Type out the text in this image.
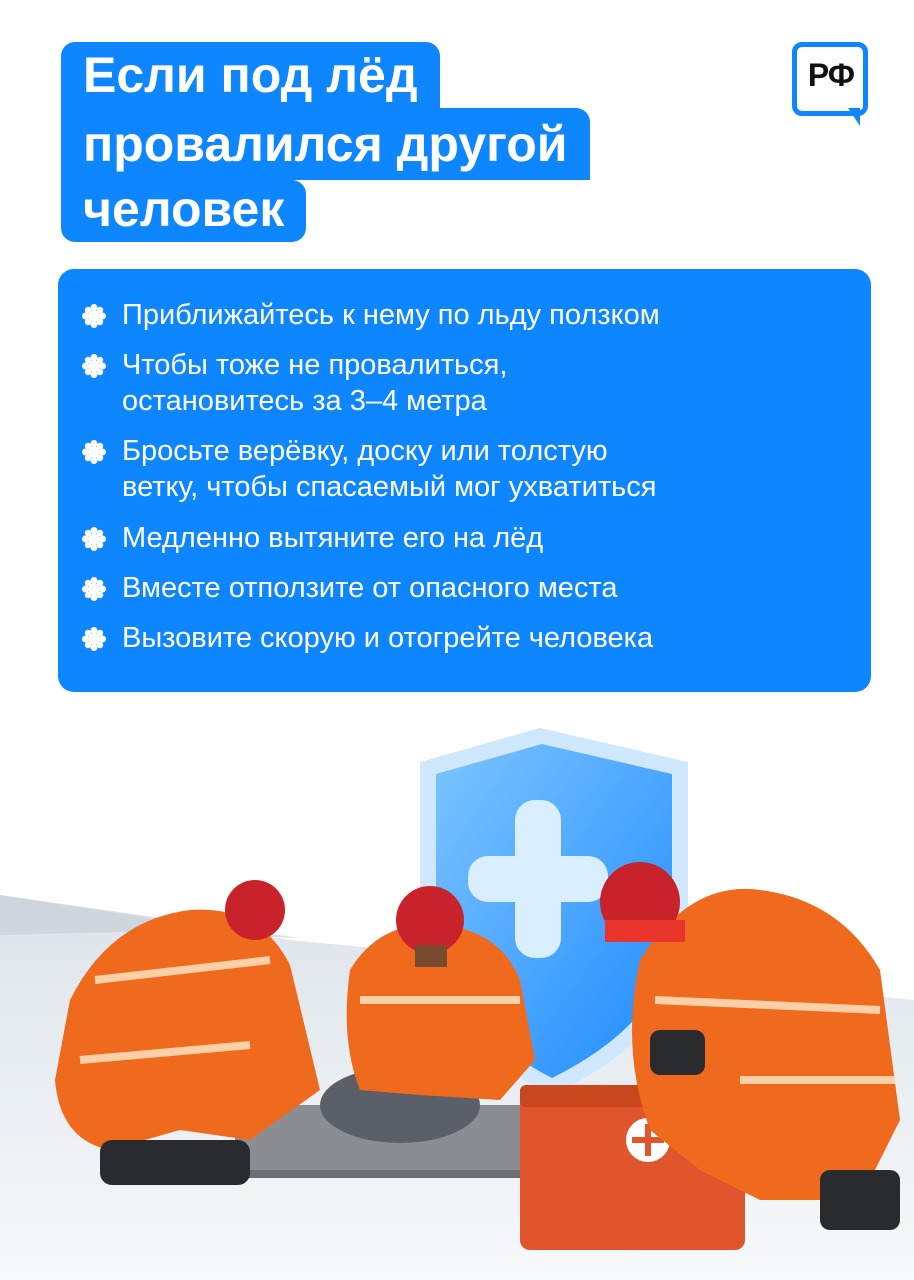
Если под лёд
провалился другой
человек
РФ
Приближайтесь к нему по льду ползком
Чтобы тоже не провалиться,
остановитесь за 3–4 метра
Бросьте верёвку, доску или толстую
ветку, чтобы спасаемый мог ухватиться
Медленно вытяните его на лёд
Вместе отползите от опасного места
Вызовите скорую и отогрейте человека
